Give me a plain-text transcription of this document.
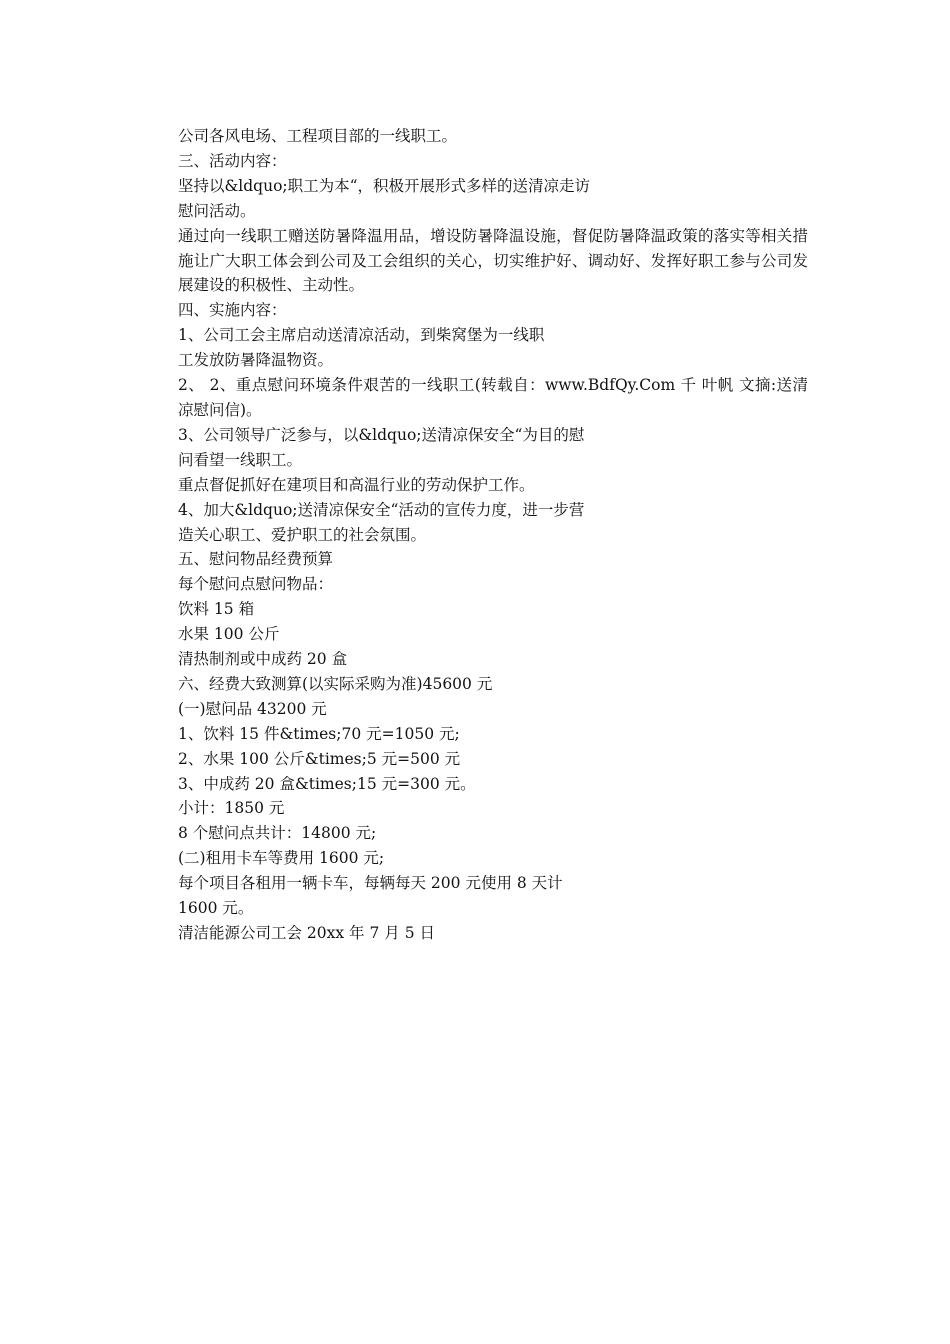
公司各风电场、工程项目部的一线职工。

三、活动内容：

坚持以&ldquo;职工为本“，积极开展形式多样的送清凉走访

慰问活动。

通过向一线职工赠送防暑降温用品，增设防暑降温设施，督促防暑降温政策的落实等相关措施让广大职工体会到公司及工会组织的关心，切实维护好、调动好、发挥好职工参与公司发展建设的积极性、主动性。

四、实施内容：

1、公司工会主席启动送清凉活动，到柴窝堡为一线职

工发放防暑降温物资。

2、 2、重点慰问环境条件艰苦的一线职工(转载自：www.BdfQy.Com 千 叶帆 文摘:送清凉慰问信)。

3、公司领导广泛参与，以&ldquo;送清凉保安全“为目的慰

问看望一线职工。

重点督促抓好在建项目和高温行业的劳动保护工作。

4、加大&ldquo;送清凉保安全“活动的宣传力度，进一步营

造关心职工、爱护职工的社会氛围。

五、慰问物品经费预算

每个慰问点慰问物品：

饮料 15 箱

水果 100 公斤

清热制剂或中成药 20 盒

六、经费大致测算(以实际采购为准)45600 元

(一)慰问品 43200 元

1、饮料 15 件&times;70 元=1050 元;

2、水果 100 公斤&times;5 元=500 元

3、中成药 20 盒&times;15 元=300 元。

小计：1850 元

8 个慰问点共计：14800 元;

(二)租用卡车等费用 1600 元;

每个项目各租用一辆卡车，每辆每天 200 元使用 8 天计

1600 元。

清洁能源公司工会 20xx 年 7 月 5 日
